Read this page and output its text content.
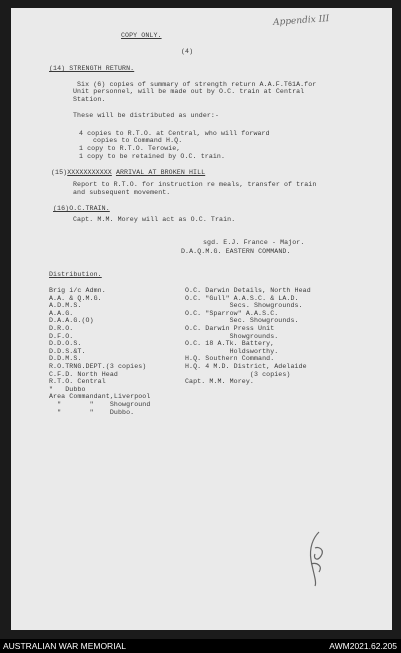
Appendix III
COPY ONLY.
(4)
(14) STRENGTH RETURN.
Six (6) copies of summary of strength return A.A.F.T61A.for
Unit personnel, will be made out by O.C. train at Central
Station.
These will be distributed as under:-
4 copies to R.T.O. at Central, who will forward
copies to Command H.Q.
1 copy to R.T.O. Terowie,
1 copy to be retained by O.C. train.
(15)XXXXXXXXXXX ARRIVAL AT BROKEN HILL
Report to R.T.O. for instruction re meals, transfer of train
and subsequent movement.
(16)O.C.TRAIN.
Capt. M.M. Morey will act as O.C. Train.
sgd. E.J. France - Major.
D.A.Q.M.G. EASTERN COMMAND.
Distribution.
Brig i/c Admn.
A.A. & Q.M.G.
A.D.M.S.
A.A.G.
D.A.A.G.(O)
D.R.O.
D.F.O.
D.D.O.S.
D.D.S.&T.
D.D.M.S.
R.O.TRNG.DEPT.(3 copies)
C.F.D. North Head
R.T.O. Central
"   Dubbo
Area Commandant,Liverpool
"       "    Showground
"       "    Dubbo.
O.C. Darwin Details, North Head
O.C. "Gull" A.A.S.C. & LA.D.
Secs. Showgrounds.
O.C. "Sparrow" A.A.S.C.
Sec. Showgrounds.
O.C. Darwin Press Unit
Showgrounds.
O.C. 18 A.Tk. Battery,
Holdsworthy.
H.Q. Southern Command.
H.Q. 4 M.D. District, Adelaide
(3 copies)
Capt. M.M. Morey.
AUSTRALIAN WAR MEMORIAL	AWM2021.62.205
